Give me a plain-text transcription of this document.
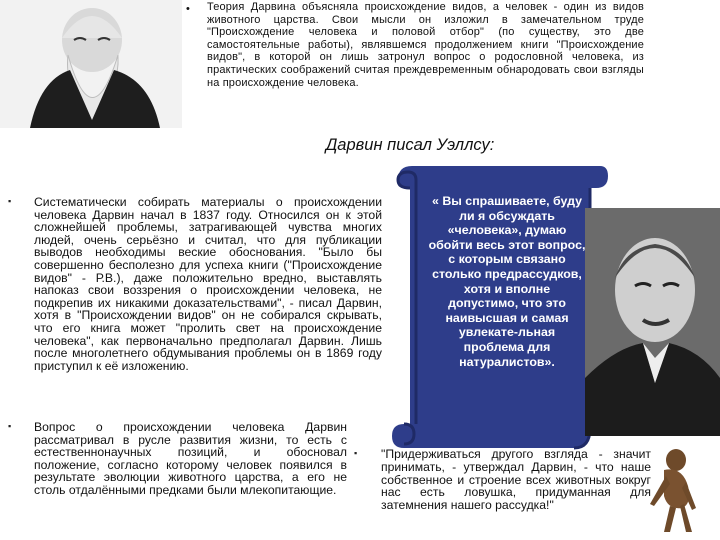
• Теория Дарвина объясняла происхождение видов, а человек - один из видов животного царства. Свои мысли он изложил в замечательном труде "Происхождение человека и половой отбор" (по существу, это две самостоятельные работы), являвшемся продолжением книги "Происхождение видов", в которой он лишь затронул вопрос о родословной человека, из практических соображений считая преждевременным обнародовать свои взгляды на происхождение человека.
Дарвин писал Уэллсу:
▪ Систематически собирать материалы о происхождении человека Дарвин начал в 1837 году. Относился он к этой сложнейшей проблемы, затрагивающей чувства многих людей, очень серьёзно и считал, что для публикации выводов необходимы веские обоснования. "Было бы совершенно бесполезно для успеха книги ("Происхождение видов" - Р.В.), даже положительно вредно, выставлять напоказ свои воззрения о происхождении человека, не подкрепив их никакими доказательствами", - писал Дарвин, хотя в "Происхождении видов" он не собирался скрывать, что его книга может "пролить свет на происхождение человека", как первоначально предполагал Дарвин. Лишь после многолетнего обдумывания проблемы он в 1869 году приступил к её изложению.
▪ Вопрос о происхождении человека Дарвин рассматривал в русле развития жизни, то есть с естественнонаучных позиций, и обосновал положение, согласно которому человек появился в результате эволюции животного царства, а его не столь отдалёнными предками были млекопитающие.
« Вы спрашиваете, буду ли я обсуждать «человека», думаю обойти весь этот вопрос, с которым связано столько предрассудков, хотя и вполне допустимо, что это наивысшая и самая увлекате-льная проблема для натуралистов».
▪ "Придерживаться другого взгляда - значит принимать, - утверждал Дарвин, - что наше собственное и строение всех животных вокруг нас есть ловушка, придуманная для затемнения нашего рассудка!"
